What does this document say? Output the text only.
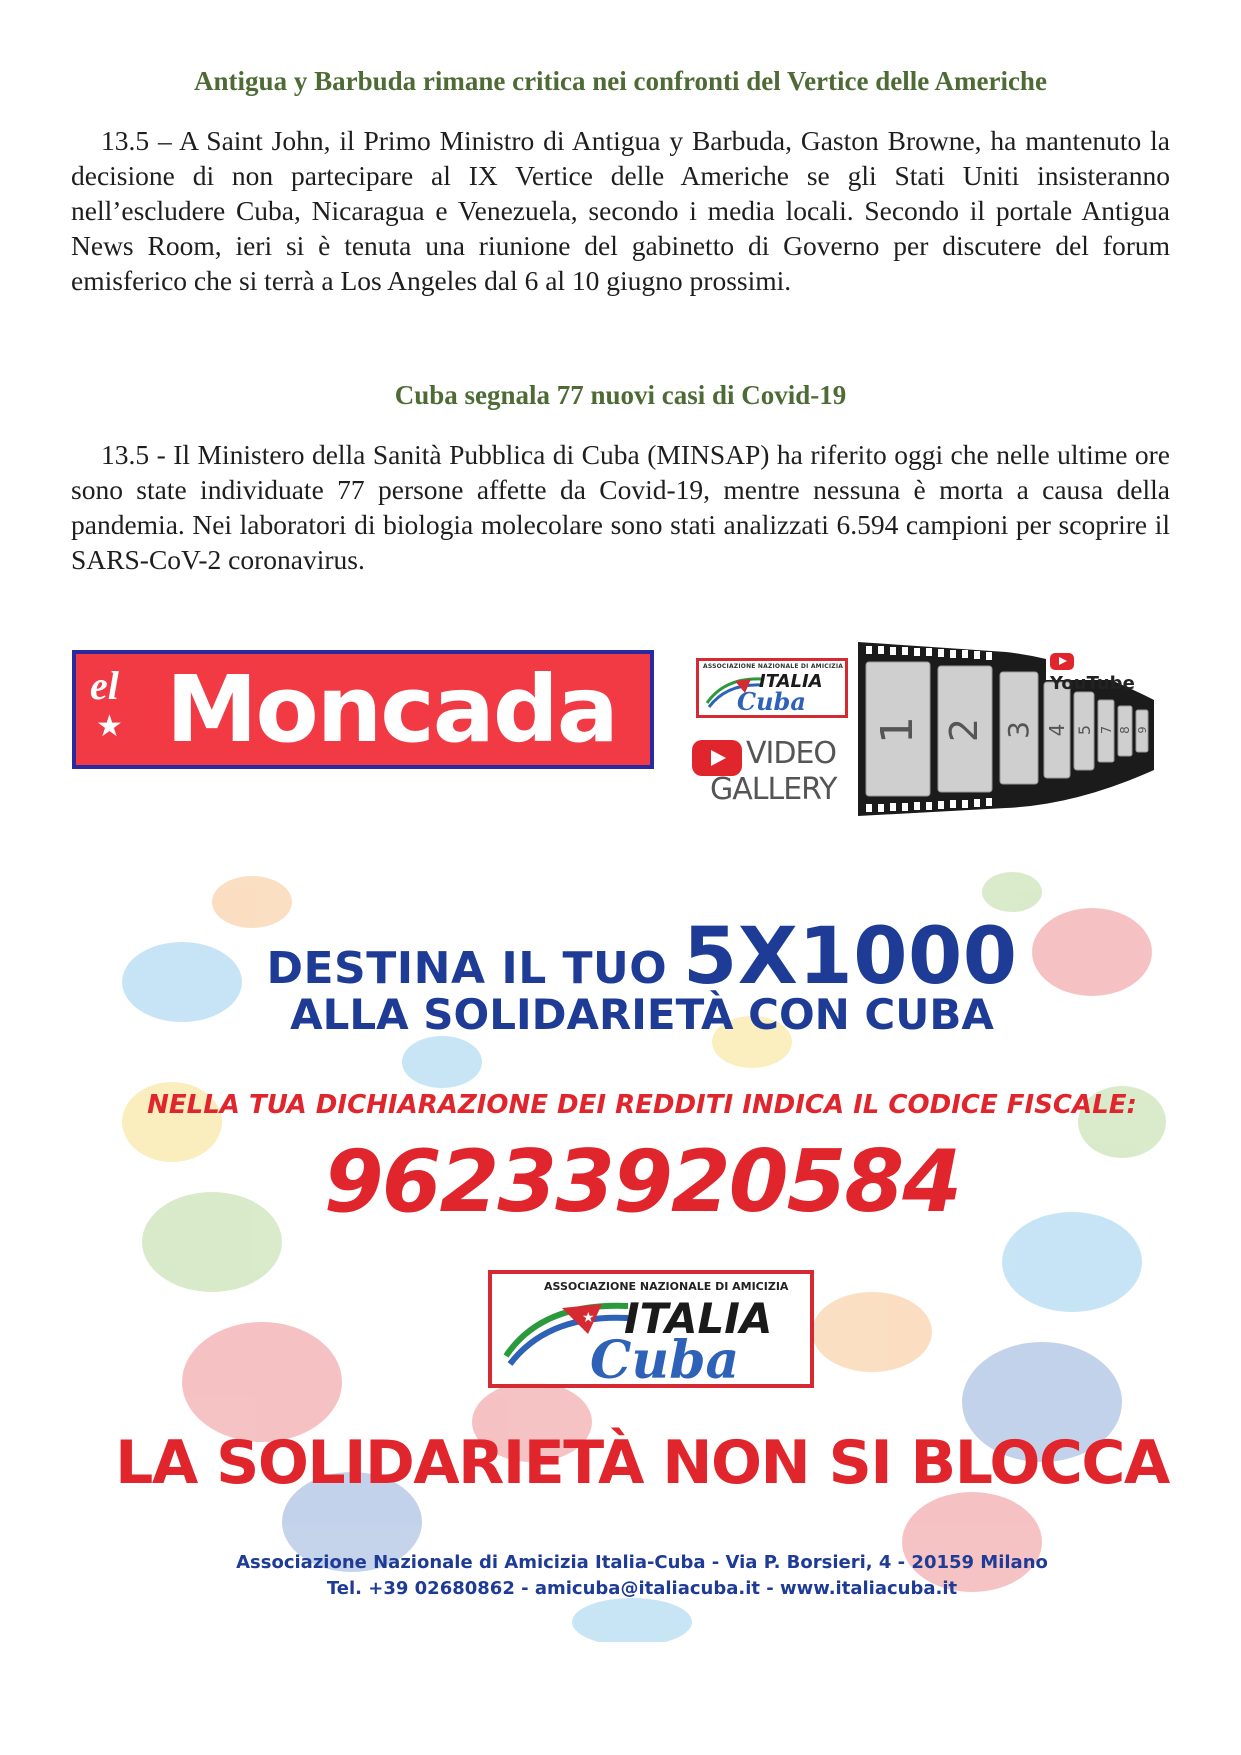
Antigua y Barbuda rimane critica nei confronti del Vertice delle Americhe

13.5 – A Saint John, il Primo Ministro di Antigua y Barbuda, Gaston Browne, ha mantenuto la decisione di non partecipare al IX Vertice delle Americhe se gli Stati Uniti insisteranno nell’escludere Cuba, Nicaragua e Venezuela, secondo i media locali. Secondo il portale Antigua News Room, ieri si è tenuta una riunione del gabinetto di Governo per discutere del forum emisferico che si terrà a Los Angeles dal 6 al 10 giugno prossimi.

Cuba segnala 77 nuovi casi di Covid-19

13.5 - Il Ministero della Sanità Pubblica di Cuba (MINSAP) ha riferito oggi che nelle ultime ore sono state individuate 77 persone affette da Covid-19, mentre nessuna è morta a causa della pandemia. Nei laboratori di biologia molecolare sono stati analizzati 6.594 campioni per scoprire il SARS-CoV-2 coronavirus.

el
★ Moncada	ASSOCIAZIONE NAZIONALE DI AMICIZIA
ITALIA
Cuba
VIDEO
GALLERY
1 2 3 4 5 7 8 9
YouTube
DESTINA IL TUO 5X1000
ALLA SOLIDARIETÀ CON CUBA
NELLA TUA DICHIARAZIONE DEI REDDITI INDICA IL CODICE FISCALE:
96233920584
ASSOCIAZIONE NAZIONALE DI AMICIZIA
★ ITALIA
Cuba
LA SOLIDARIETÀ NON SI BLOCCA
Associazione Nazionale di Amicizia Italia-Cuba - Via P. Borsieri, 4 - 20159 Milano
Tel. +39 02680862 - amicuba@italiacuba.it - www.italiacuba.it
